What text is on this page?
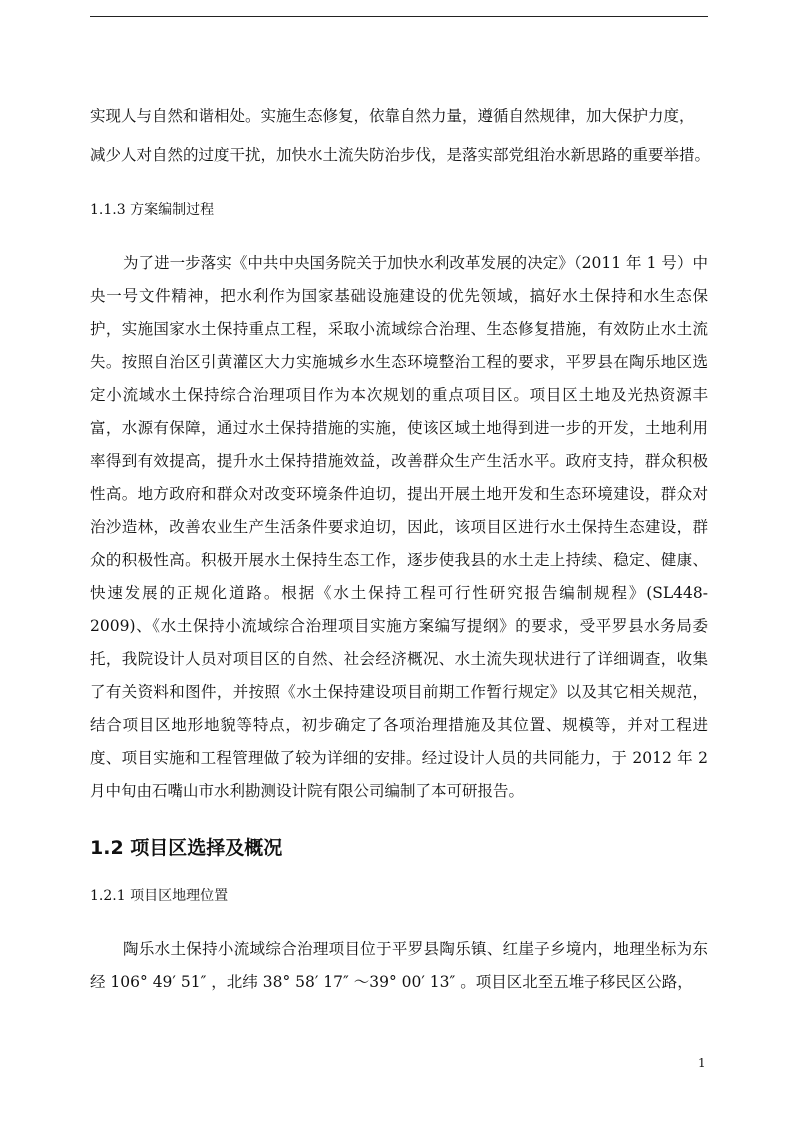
实现人与自然和谐相处。实施生态修复，依靠自然力量，遵循自然规律，加大保护力度，
减少人对自然的过度干扰，加快水土流失防治步伐，是落实部党组治水新思路的重要举措。
1.1.3 方案编制过程

为了进一步落实《中共中央国务院关于加快水利改革发展的决定》（2011 年 1 号）中央一号文件精神，把水利作为国家基础设施建设的优先领域，搞好水土保持和水生态保护，实施国家水土保持重点工程，采取小流域综合治理、生态修复措施，有效防止水土流失。按照自治区引黄灌区大力实施城乡水生态环境整治工程的要求，平罗县在陶乐地区选定小流域水土保持综合治理项目作为本次规划的重点项目区。项目区土地及光热资源丰富，水源有保障，通过水土保持措施的实施，使该区域土地得到进一步的开发，土地利用率得到有效提高，提升水土保持措施效益，改善群众生产生活水平。政府支持，群众积极性高。地方政府和群众对改变环境条件迫切，提出开展土地开发和生态环境建设，群众对治沙造林，改善农业生产生活条件要求迫切，因此，该项目区进行水土保持生态建设，群众的积极性高。积极开展水土保持生态工作，逐步使我县的水土走上持续、稳定、健康、快速发展的正规化道路。根据《水土保持工程可行性研究报告编制规程》(SL448-2009)、《水土保持小流域综合治理项目实施方案编写提纲》的要求，受平罗县水务局委托，我院设计人员对项目区的自然、社会经济概况、水土流失现状进行了详细调查，收集了有关资料和图件，并按照《水土保持建设项目前期工作暂行规定》以及其它相关规范，结合项目区地形地貌等特点，初步确定了各项治理措施及其位置、规模等，并对工程进度、项目实施和工程管理做了较为详细的安排。经过设计人员的共同能力，于 2012 年 2 月中旬由石嘴山市水利勘测设计院有限公司编制了本可研报告。

1.2 项目区选择及概况
1.2.1 项目区地理位置

陶乐水土保持小流域综合治理项目位于平罗县陶乐镇、红崖子乡境内，地理坐标为东经 106° 49′ 51″ ，北纬 38° 58′ 17″ ～39° 00′ 13″ 。项目区北至五堆子移民区公路，

1
